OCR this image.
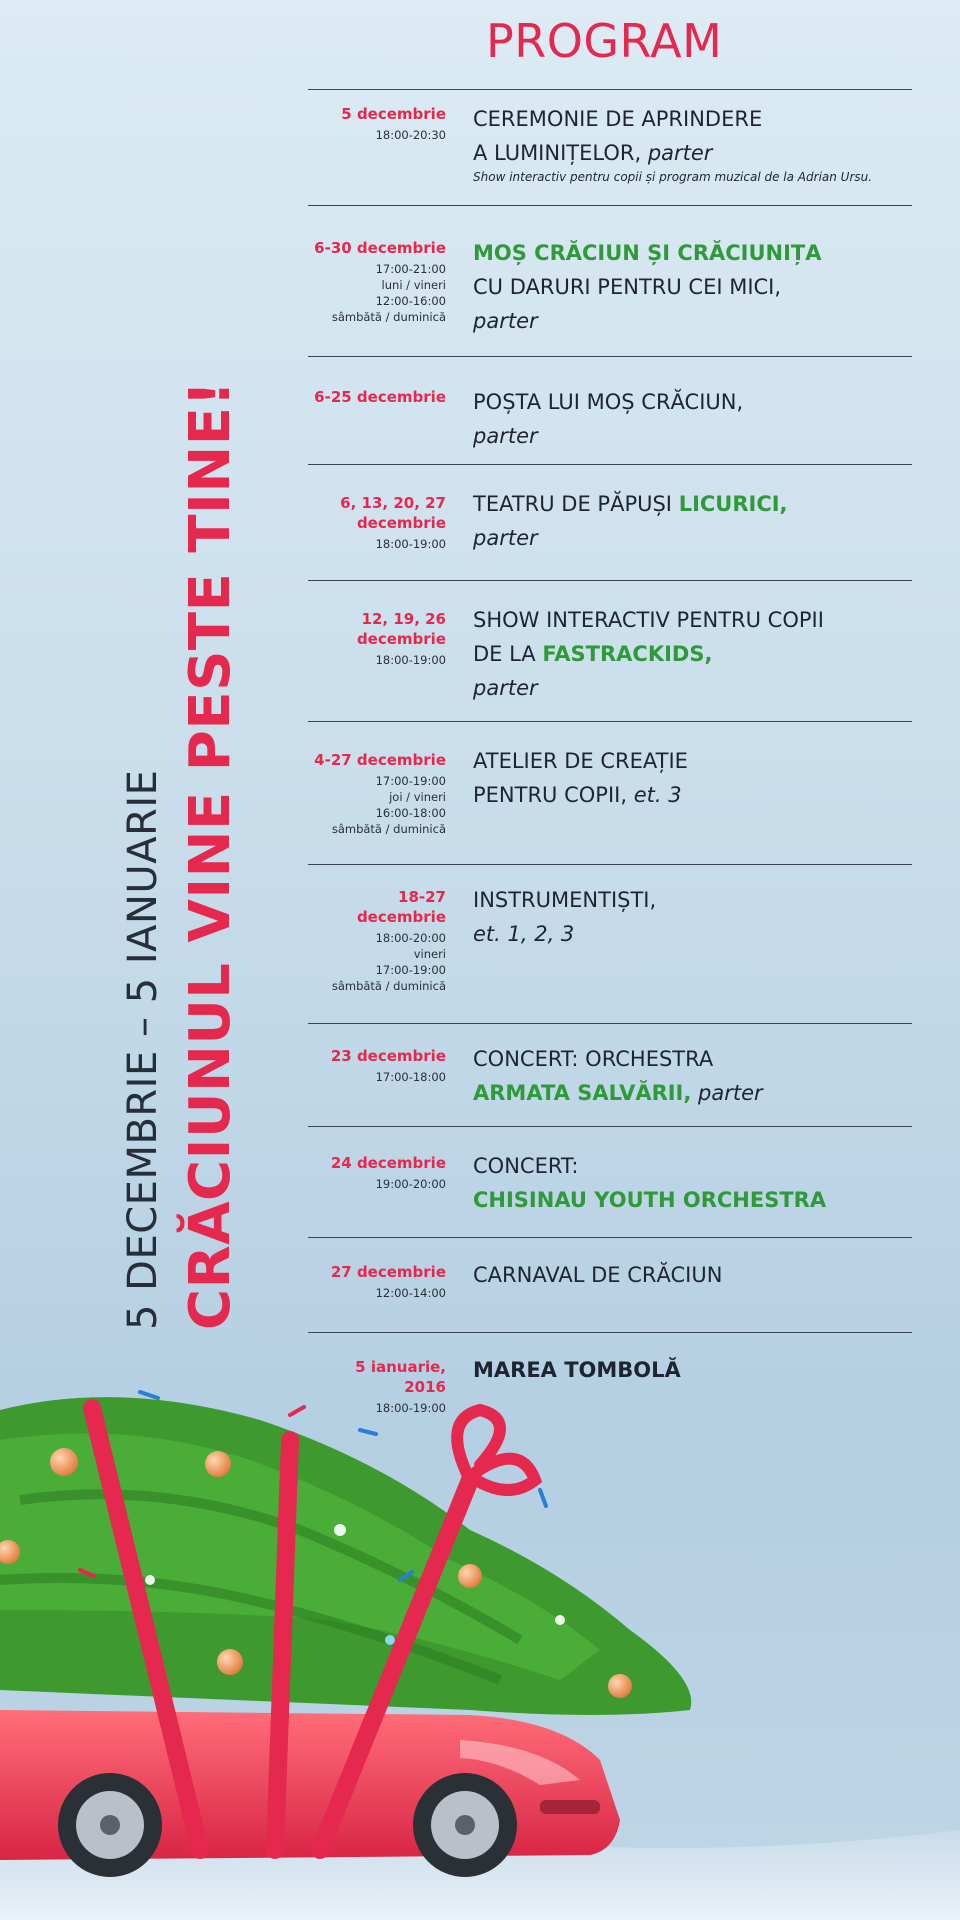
PROGRAM
5 DECEMBRIE – 5 IANUARIE CRĂCIUNUL VINE PESTE TINE!
5 decembrie
18:00-20:30
CEREMONIE DE APRINDERE
A LUMINIȚELOR, parter
Show interactiv pentru copii și program muzical de la Adrian Ursu.
6-30 decembrie
17:00-21:00
luni / vineri
12:00-16:00
sâmbătă / duminică
MOȘ CRĂCIUN ȘI CRĂCIUNIȚA
CU DARURI PENTRU CEI MICI,
parter
6-25 decembrie POȘTA LUI MOȘ CRĂCIUN,
parter
6, 13, 20, 27
decembrie
18:00-19:00
TEATRU DE PĂPUȘI LICURICI,
parter
12, 19, 26
decembrie
18:00-19:00
SHOW INTERACTIV PENTRU COPII
DE LA FASTRACKIDS,
parter
4-27 decembrie
17:00-19:00
joi / vineri
16:00-18:00
sâmbătă / duminică
ATELIER DE CREAȚIE
PENTRU COPII, et. 3
18-27
decembrie
18:00-20:00
vineri
17:00-19:00
sâmbătă / duminică
INSTRUMENTIȘTI,
et. 1, 2, 3
23 decembrie
17:00-18:00
CONCERT: ORCHESTRA
ARMATA SALVĂRII, parter
24 decembrie
19:00-20:00
CONCERT:
CHISINAU YOUTH ORCHESTRA
27 decembrie
12:00-14:00
CARNAVAL DE CRĂCIUN
5 ianuarie,
2016
18:00-19:00
MAREA TOMBOLĂ
